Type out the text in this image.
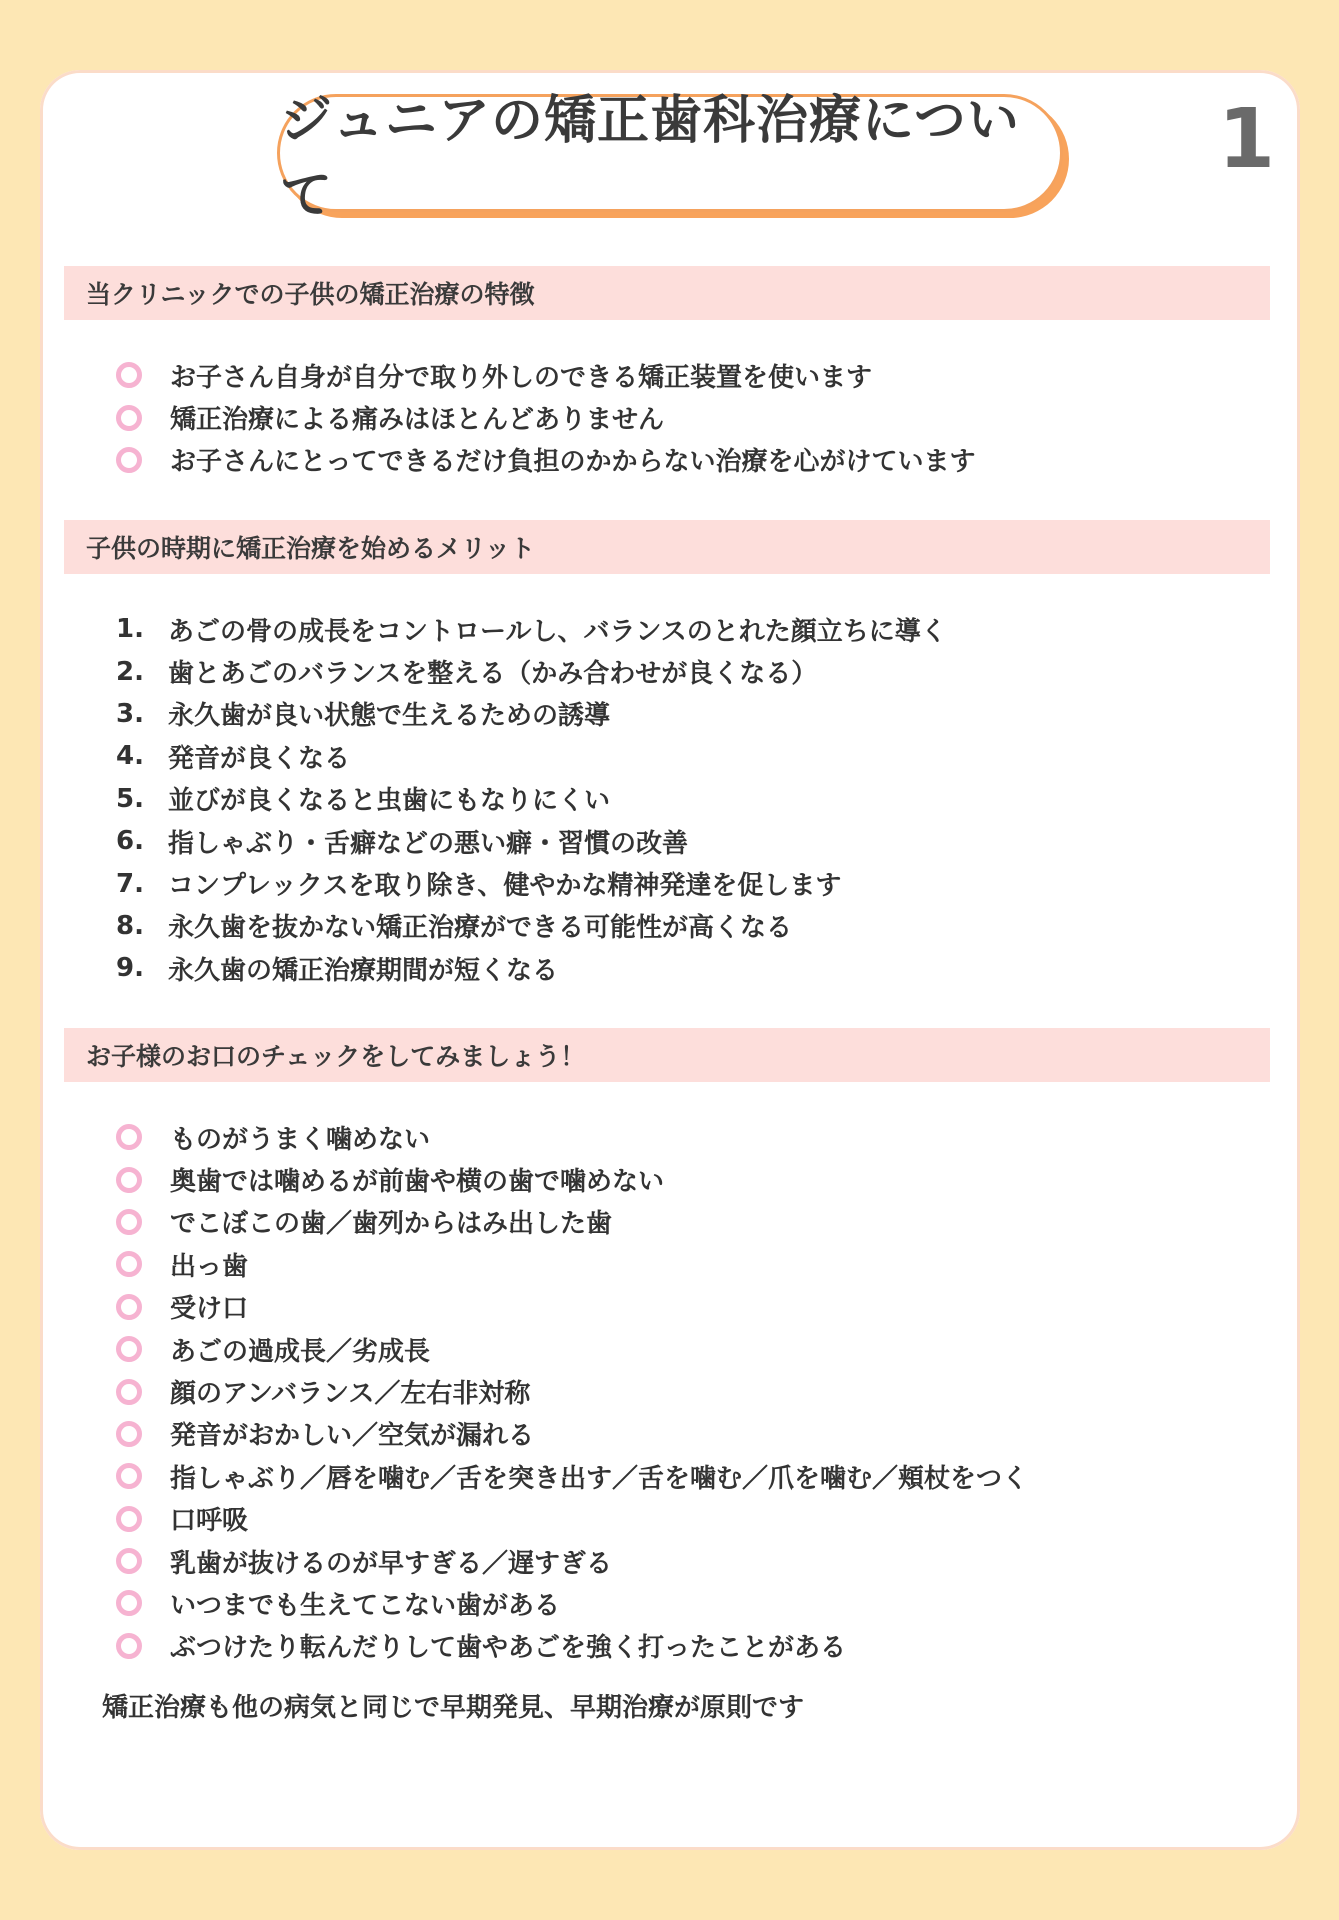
ジュニアの矯正歯科治療について
1
当クリニックでの子供の矯正治療の特徴
お子さん自身が自分で取り外しのできる矯正装置を使います
矯正治療による痛みはほとんどありません
お子さんにとってできるだけ負担のかからない治療を心がけています
子供の時期に矯正治療を始めるメリット
1. あごの骨の成長をコントロールし、バランスのとれた顔立ちに導く
2. 歯とあごのバランスを整える（かみ合わせが良くなる）
3. 永久歯が良い状態で生えるための誘導
4. 発音が良くなる
5. 並びが良くなると虫歯にもなりにくい
6. 指しゃぶり・舌癖などの悪い癖・習慣の改善
7. コンプレックスを取り除き、健やかな精神発達を促します
8. 永久歯を抜かない矯正治療ができる可能性が高くなる
9. 永久歯の矯正治療期間が短くなる
お子様のお口のチェックをしてみましょう！
ものがうまく噛めない
奥歯では噛めるが前歯や横の歯で噛めない
でこぼこの歯／歯列からはみ出した歯
出っ歯
受け口
あごの過成長／劣成長
顔のアンバランス／左右非対称
発音がおかしい／空気が漏れる
指しゃぶり／唇を噛む／舌を突き出す／舌を噛む／爪を噛む／頬杖をつく
口呼吸
乳歯が抜けるのが早すぎる／遅すぎる
いつまでも生えてこない歯がある
ぶつけたり転んだりして歯やあごを強く打ったことがある
矯正治療も他の病気と同じで早期発見、早期治療が原則です
